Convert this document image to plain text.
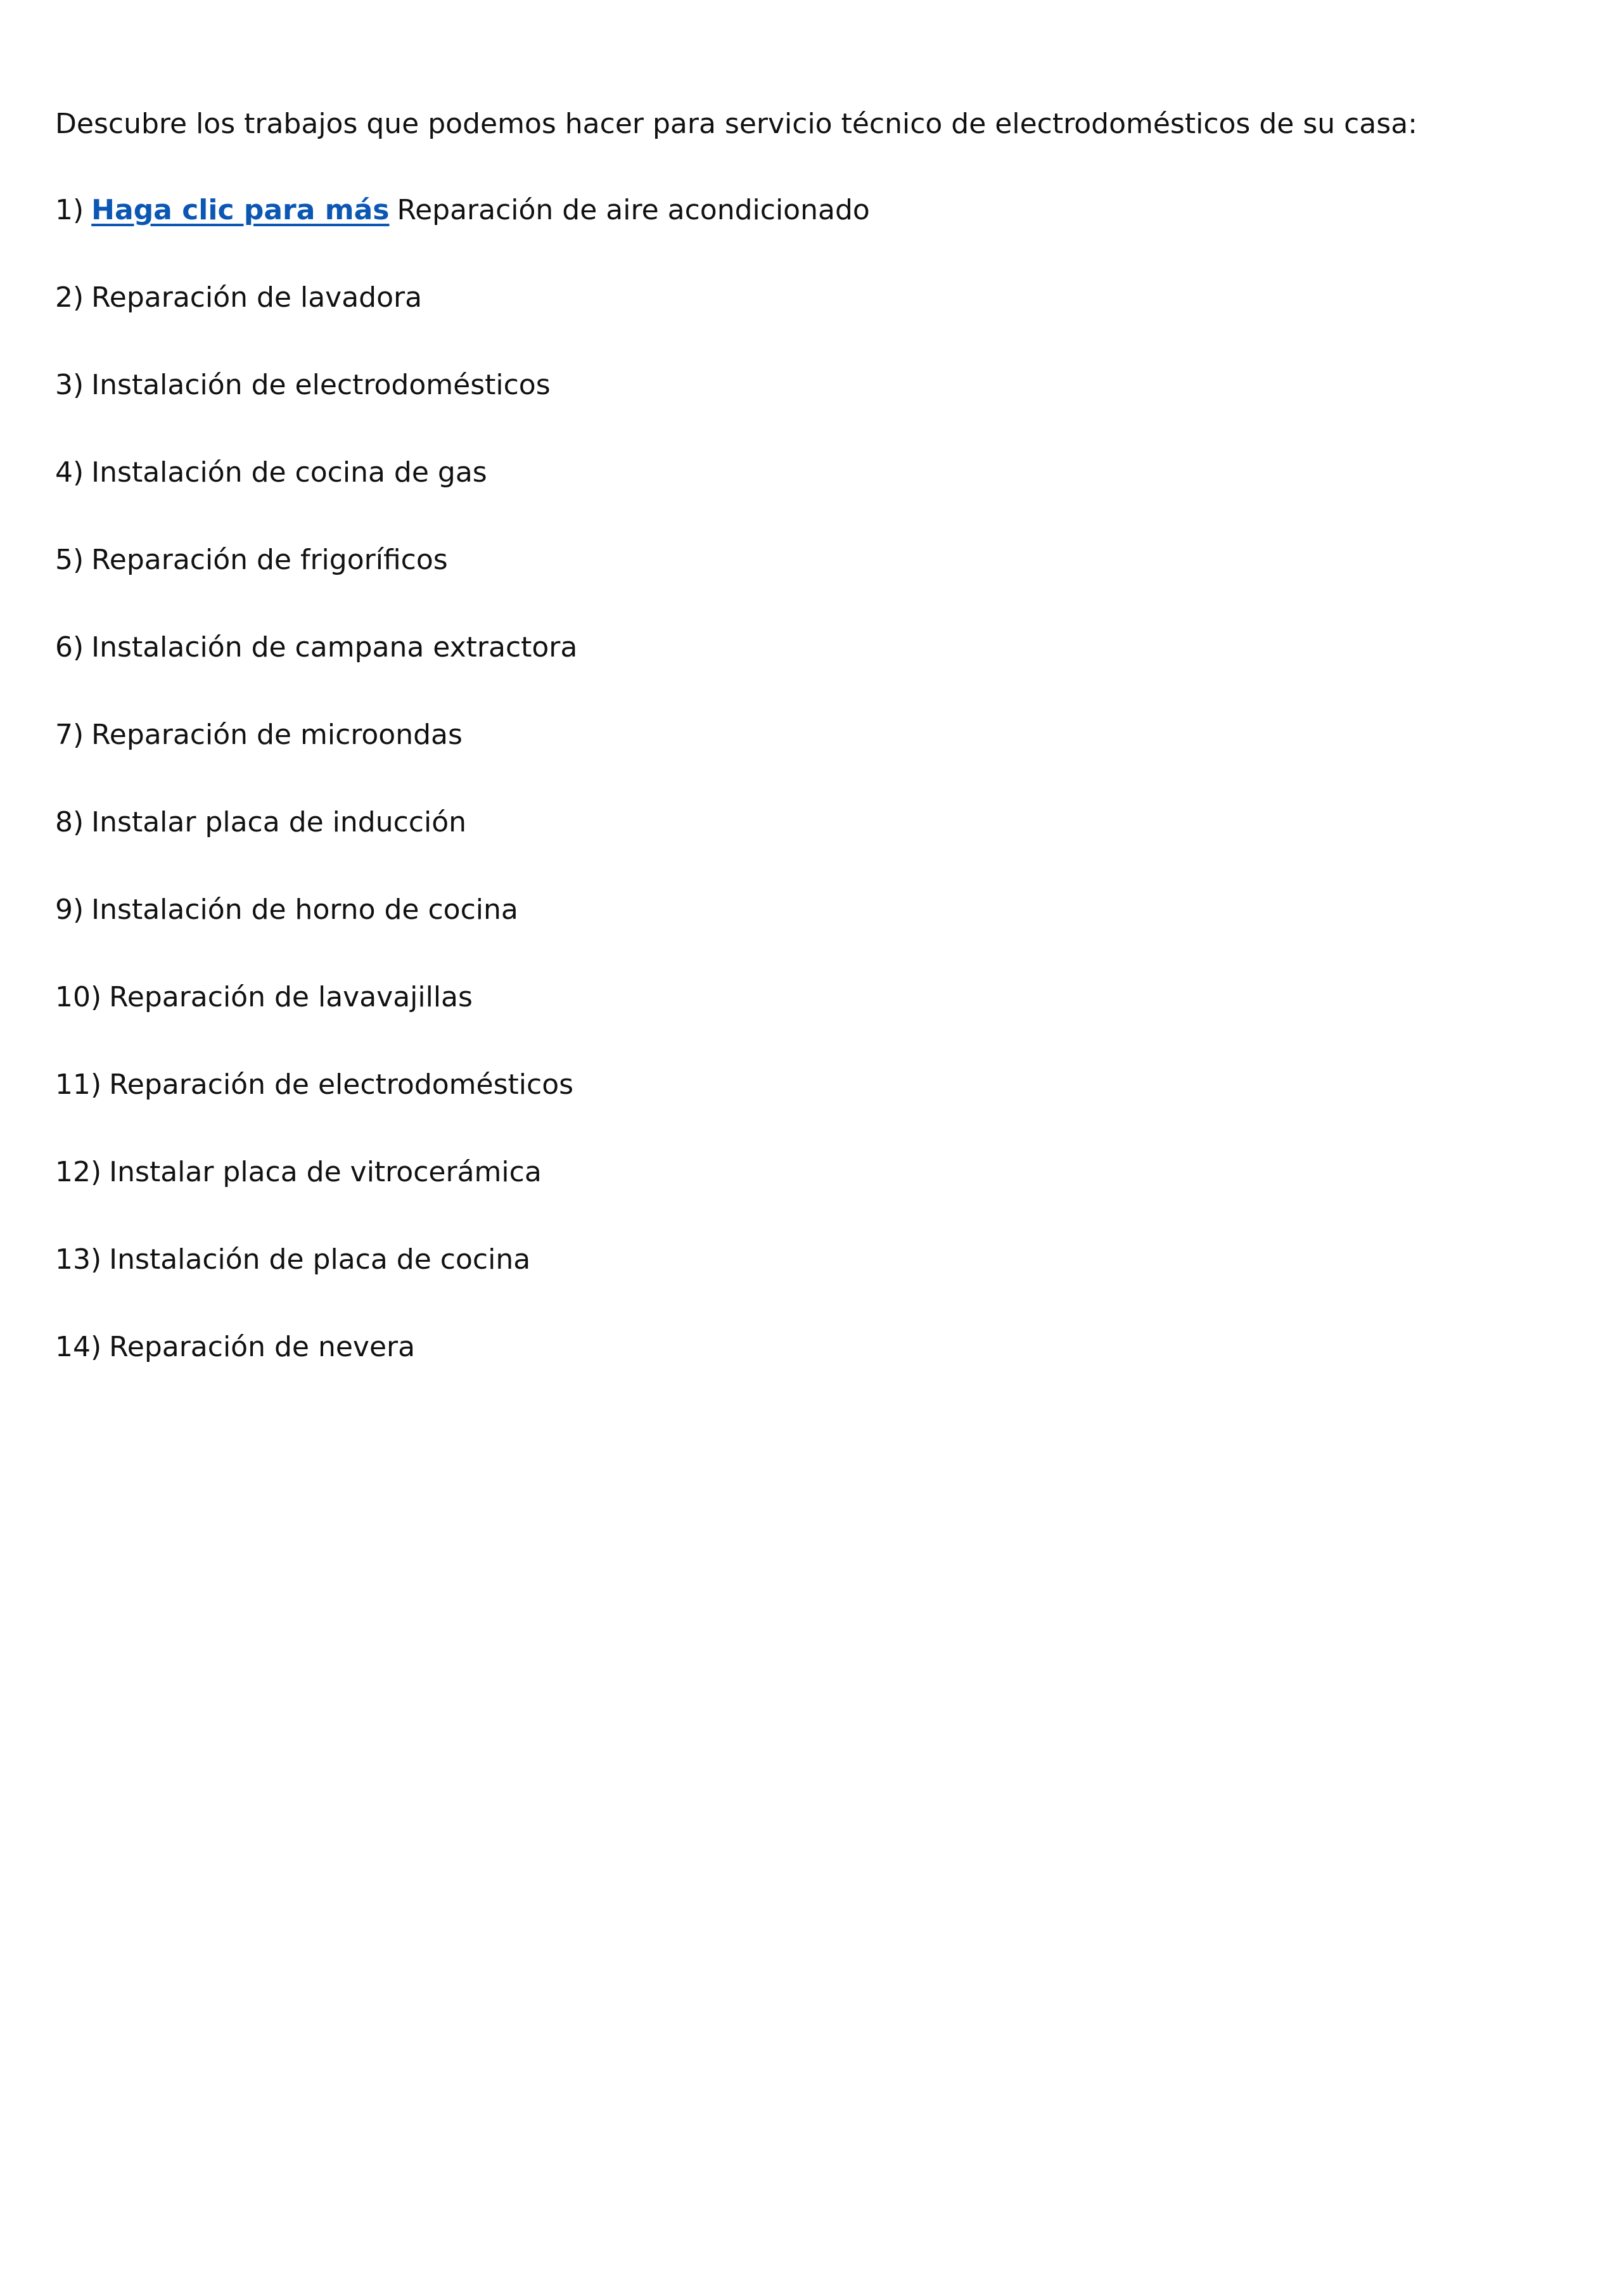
Descubre los trabajos que podemos hacer para servicio técnico de electrodomésticos de su casa:

1) Haga clic para más Reparación de aire acondicionado
2) Reparación de lavadora
3) Instalación de electrodomésticos
4) Instalación de cocina de gas
5) Reparación de frigoríficos
6) Instalación de campana extractora
7) Reparación de microondas
8) Instalar placa de inducción
9) Instalación de horno de cocina
10) Reparación de lavavajillas
11) Reparación de electrodomésticos
12) Instalar placa de vitrocerámica
13) Instalación de placa de cocina
14) Reparación de nevera
